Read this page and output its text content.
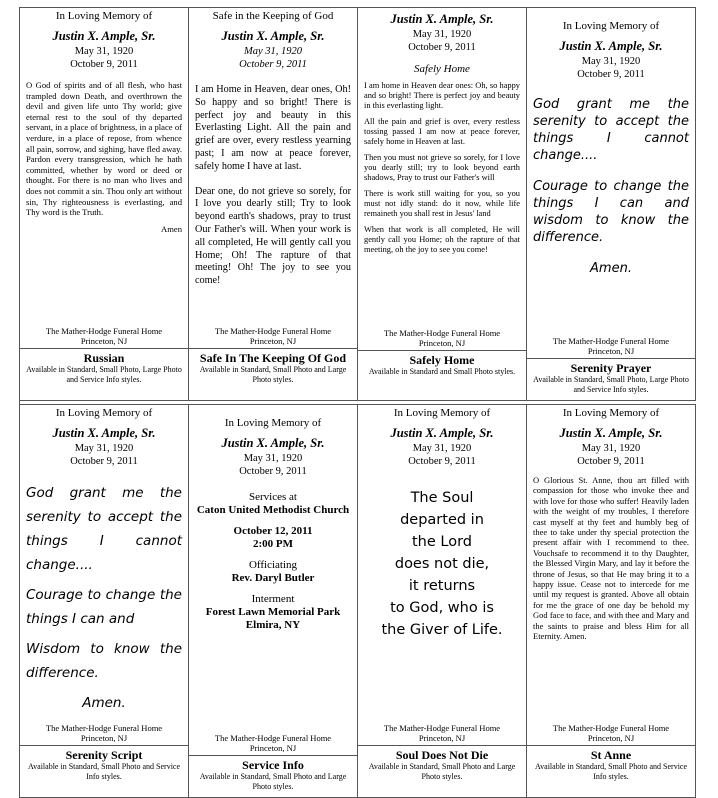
In Loving Memory of
Justin X. Ample, Sr.
May 31, 1920
October 9, 2011

O God of spirits and of all flesh, who hast trampled down Death, and overthrown the devil and given life unto Thy world; give eternal rest to the soul of thy departed servant, in a place of brightness, in a place of verdure, in a place of repose, from whence all pain, sorrow, and sighing, have fled away. Pardon every transgression, which he hath committed, whether by word or deed or thought. For there is no man who lives and does not commit a sin. Thou only art without sin, Thy righteousness is everlasting, and Thy word is the Truth.

Amen
The Mather-Hodge Funeral Home
Princeton, NJ
Russian
Available in Standard, Small Photo, Large Photo and Service Info styles.
Safe in the Keeping of God
Justin X. Ample, Sr.
May 31, 1920
October 9, 2011

I am Home in Heaven, dear ones, Oh! So happy and so bright! There is perfect joy and beauty in this Everlasting Light. All the pain and grief are over, every restless yearning past; I am now at peace forever, safely home I have at last.

Dear one, do not grieve so sorely, for I love you dearly still; Try to look beyond earth's shadows, pray to trust Our Father's will. When your work is all completed, He will gently call you Home; Oh! The rapture of that meeting! Oh! The joy to see you come!

The Mather-Hodge Funeral Home
Princeton, NJ
Safe In The Keeping Of God
Available in Standard, Small Photo and Large Photo styles.
Justin X. Ample, Sr.
May 31, 1920
October 9, 2011
Safely Home

I am home in Heaven dear ones: Oh, so happy and so bright! There is perfect joy and beauty in this everlasting light.

All the pain and grief is over, every restless tossing passed I am now at peace forever, safely home in Heaven at last.

Then you must not grieve so sorely, for I love you dearly still; try to look beyond earth shadows, Pray to trust our Father's will

There is work still waiting for you, so you must not idly stand: do it now, while life remaineth you shall rest in Jesus' land

When that work is all completed, He will gently call you Home; oh the rapture of that meeting, oh the joy to see you come!

The Mather-Hodge Funeral Home
Princeton, NJ
Safely Home
Available in Standard and Small Photo styles.
In Loving Memory of
Justin X. Ample, Sr.
May 31, 1920
October 9, 2011

God grant me the serenity to accept the things I cannot change....

Courage to change the things I can and wisdom to know the difference.

Amen.
The Mather-Hodge Funeral Home
Princeton, NJ
Serenity Prayer
Available in Standard, Small Photo, Large Photo and Service Info styles.
In Loving Memory of
Justin X. Ample, Sr.
May 31, 1920
October 9, 2011

God grant me the serenity to accept the things I cannot change....

Courage to change the things I can and

Wisdom to know the difference.

Amen.
The Mather-Hodge Funeral Home
Princeton, NJ
Serenity Script
Available in Standard, Small Photo and Service Info styles.
In Loving Memory of
Justin X. Ample, Sr.
May 31, 1920
October 9, 2011
Services at
Caton United Methodist Church
October 12, 2011
2:00 PM
Officiating
Rev. Daryl Butler
Interment
Forest Lawn Memorial Park
Elmira, NY
The Mather-Hodge Funeral Home
Princeton, NJ
Service Info
Available in Standard, Small Photo and Large Photo styles.
In Loving Memory of
Justin X. Ample, Sr.
May 31, 1920
October 9, 2011
The Soul
departed in
the Lord
does not die,
it returns
to God, who is
the Giver of Life.
The Mather-Hodge Funeral Home
Princeton, NJ
Soul Does Not Die
Available in Standard, Small Photo and Large Photo styles.
In Loving Memory of
Justin X. Ample, Sr.
May 31, 1920
October 9, 2011

O Glorious St. Anne, thou art filled with compassion for those who invoke thee and with love for those who suffer! Heavily laden with the weight of my troubles, I therefore cast myself at thy feet and humbly beg of thee to take under thy special protection the present affair with I recommend to thee. Vouchsafe to recommend it to thy Daughter, the Blessed Virgin Mary, and lay it before the throne of Jesus, so that He may bring it to a happy issue. Cease not to intercede for me until my request is granted. Above all obtain for me the grace of one day be behold my God face to face, and with thee and Mary and the saints to praise and bless Him for all Eternity. Amen.

The Mather-Hodge Funeral Home
Princeton, NJ
St Anne
Available in Standard, Small Photo and Service Info styles.
